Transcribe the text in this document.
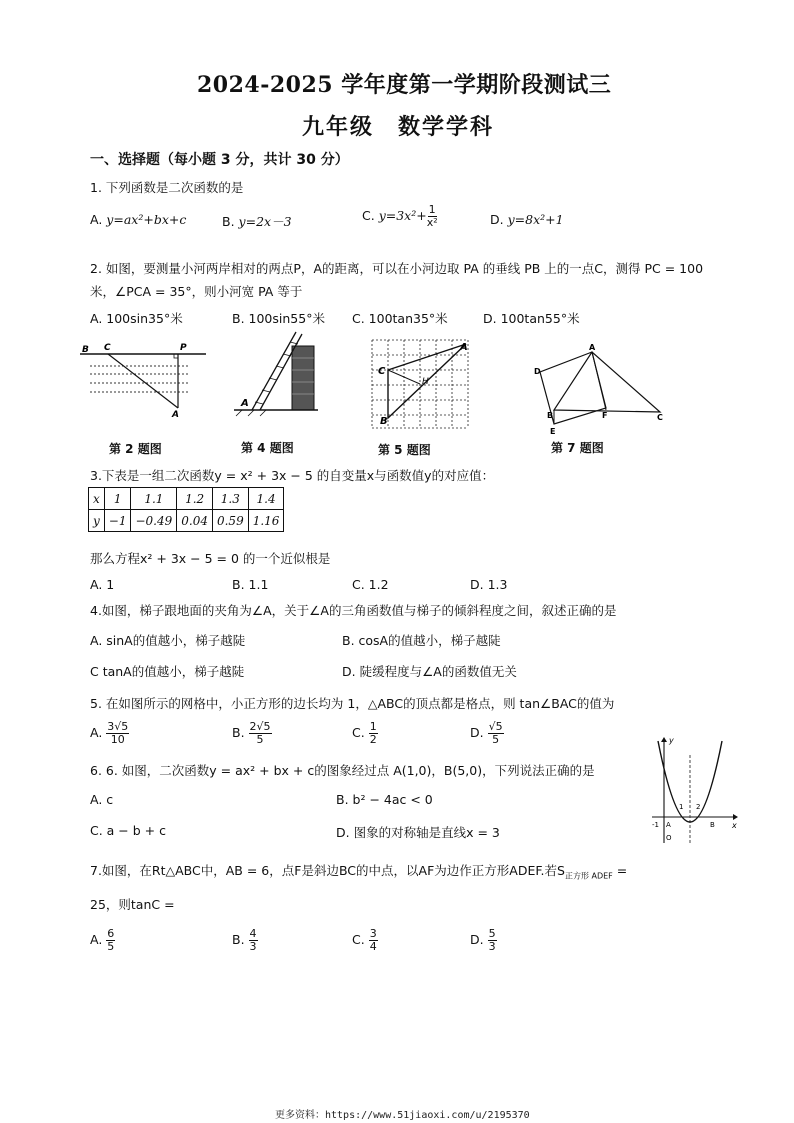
2024-2025 学年度第一学期阶段测试三
九年级　数学学科
一、选择题（每小题 3 分，共计 30 分）
1. 下列函数是二次函数的是
A. y=ax²+bx+c	B. y=2x－3	C. $y=3x^2+ \frac{1}{\text{x²}}$	D. y=8x²+1
2. 如图，要测量小河两岸相对的两点P，A的距离，可以在小河边取 PA 的垂线 PB 上的一点C，测得 PC = 100
米，∠PCA = 35°，则小河宽 PA 等于
A. 100sin35°米	B. 100sin55°米 C. 100tan35°米	D. 100tan55°米
B C	P
A
第 2 题图
A
第 4 题图
C
A
B
H
第 5 题图
D
A
B	F	C
E
第 7 题图
3.下表是一组二次函数y = x² + 3x − 5 的自变量x与函数值y的对应值：
x	1	1.1	1.2	1.3	1.4
y	−1	−0.49	0.04	0.59	1.16
那么方程x² + 3x − 5 = 0 的一个近似根是
A. 1	B. 1.1	C. 1.2	D. 1.3
4.如图，梯子跟地面的夹角为∠A，关于∠A的三角函数值与梯子的倾斜程度之间，叙述正确的是
A. sinA的值越小，梯子越陡	B. cosA的值越小，梯子越陡
C tanA的值越小，梯子越陡	D. 陡缓程度与∠A的函数值无关
5. 在如图所示的网格中，小正方形的边长均为 1，△ABC的顶点都是格点，则 tan∠BAC的值为
A. $\frac{3√5}{10}$	B. $\frac{2√5}{5}$	C. $\frac{1}{2}$	D. $\frac{√5}{5}$	y
x
-1 A	B
1 2
O
6. 6. 如图，二次函数y = ax² + bx + c的图象经过点 A(1,0)，B(5,0)，下列说法正确的是
A. c	B. b² − 4ac < 0
C. a − b + c	D. 图象的对称轴是直线x = 3
7.如图，在Rt△ABC中，AB = 6，点F是斜边BC的中点，以AF为边作正方形ADEF.若$S_{正方形 ADEF}$ =
25，则tanC =
A. $\frac{6}{5}$	B. $\frac{4}{3}$	C. $\frac{3}{4}$	D. $\frac{5}{3}$
更多资料：https://www.51jiaoxi.com/u/2195370
